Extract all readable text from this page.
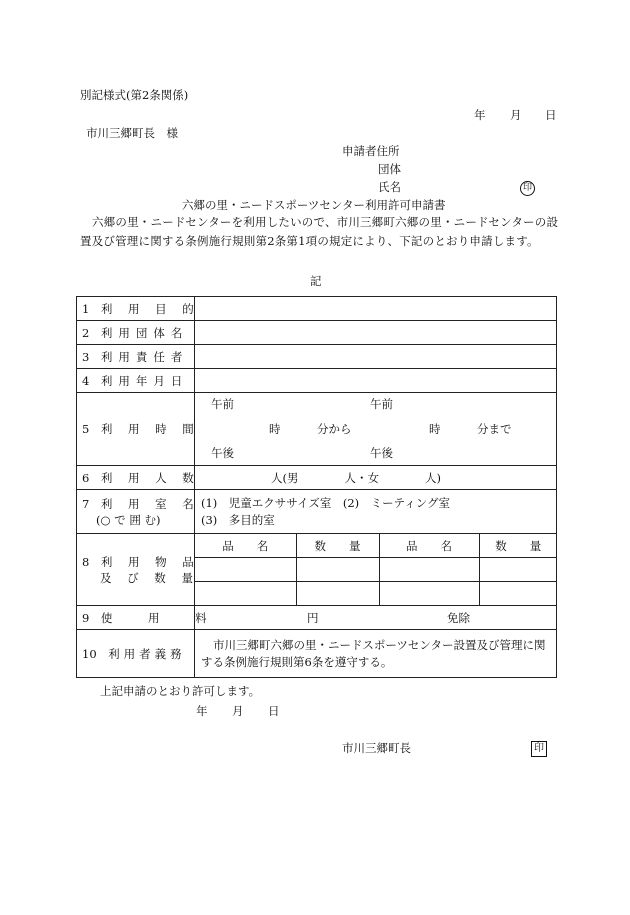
別記様式(第2条関係)
年 月 日
市川三郷町長　様
申請者住所
団体
氏名	印
六郷の里・ニードスポーツセンター利用許可申請書
六郷の里・ニードセンターを利用したいので、市川三郷町六郷の里・ニードセンターの設置及び管理に関する条例施行規則第2条第1項の規定により、下記のとおり申請します。
記
1　 利 用 目 的	
2　 利用団体名	
3　 利用責任者	
4　 利用年月日	
5　 利 用 時 間	
午前	午前
時	分から	時	分まで
午後	午後

6　 利 用 人 数	人(男　　　　人・女　　　　人)

7　 利 用 室 名
(○ で 囲 む)

(1)　児童エクササイズ室　(2)　ミーティング室
(3)　多目的室

8　 利 用 物 品
及 び 数 量

品　　名	数　　量	品　　名	数　　量

9　 使 用 料	円	免除

10　 利用者義務	市川三郷町六郷の里・ニードスポーツセンター設置及び管理に関する条例施行規則第6条を遵守する。
上記申請のとおり許可します。
年 月 日
市川三郷町長	印
